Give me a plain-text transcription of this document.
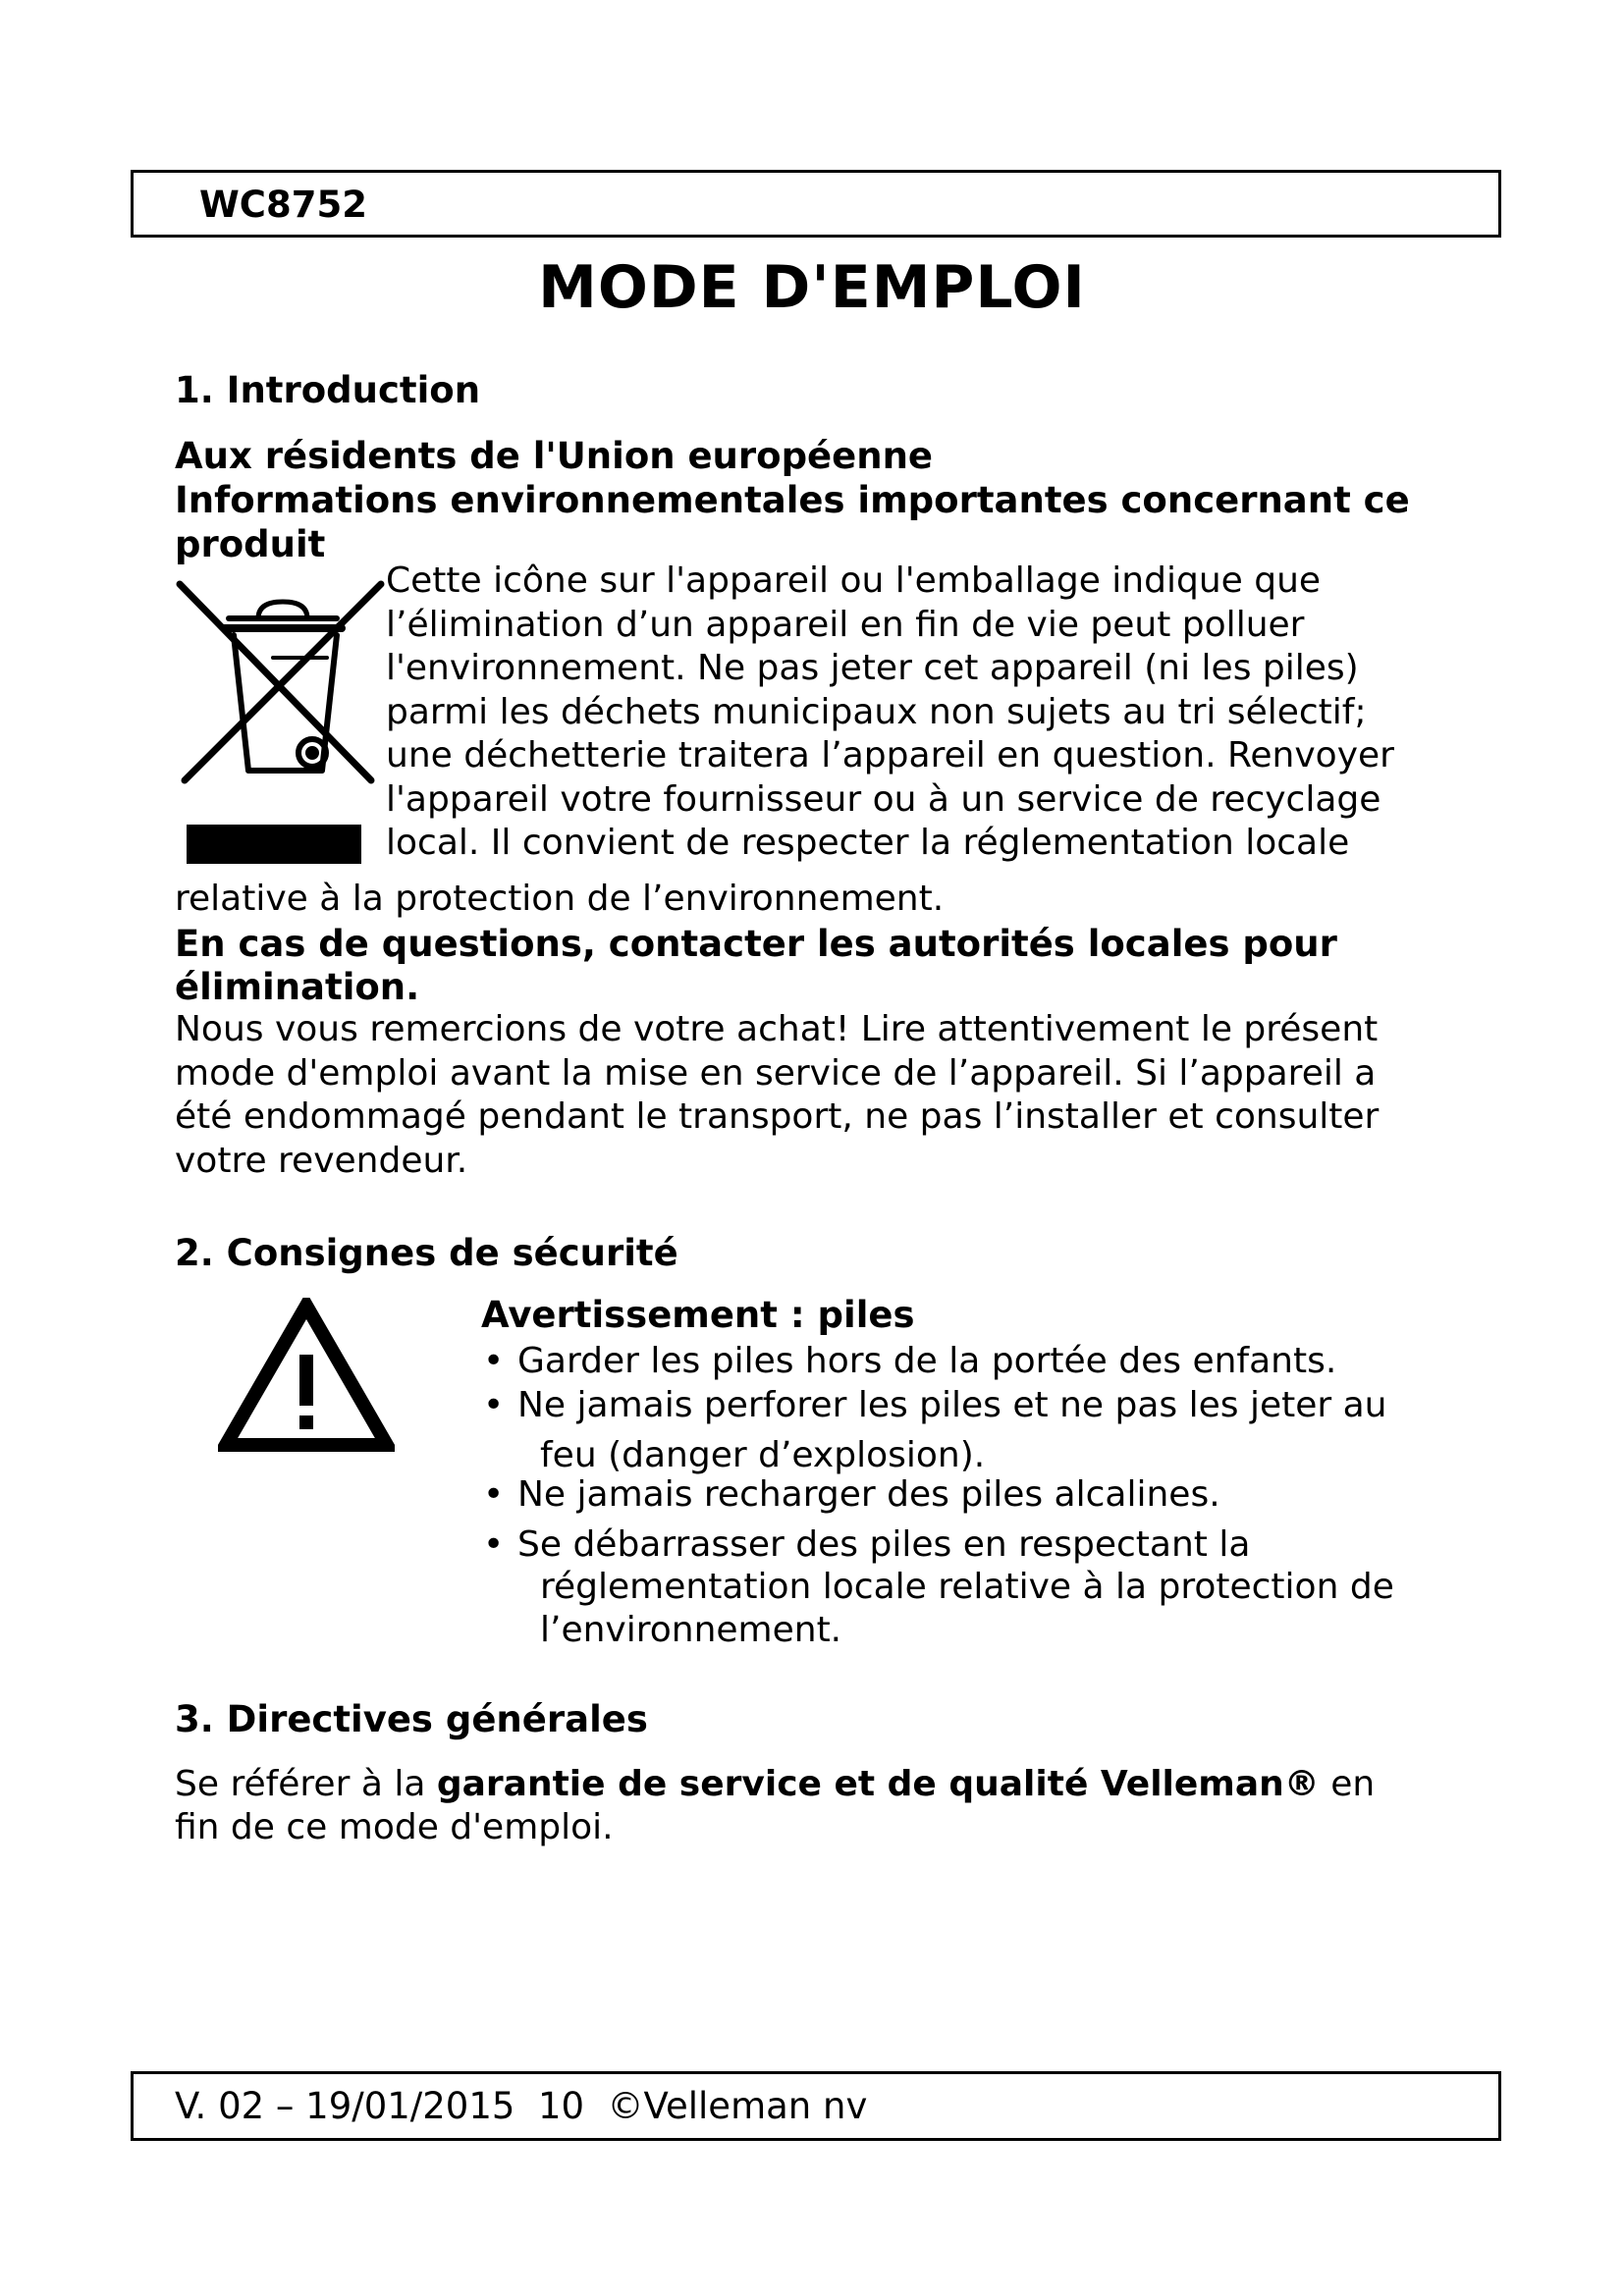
WC8752
MODE D'EMPLOI
1. Introduction
Aux résidents de l'Union européenne
Informations environnementales importantes concernant ce
produit
Cette icône sur l'appareil ou l'emballage indique que
l’élimination d’un appareil en fin de vie peut polluer
l'environnement. Ne pas jeter cet appareil (ni les piles)
parmi les déchets municipaux non sujets au tri sélectif;
une déchetterie traitera l’appareil en question. Renvoyer
l'appareil votre fournisseur ou à un service de recyclage
local. Il convient de respecter la réglementation locale
relative à la protection de l’environnement.
En cas de questions, contacter les autorités locales pour
élimination.
Nous vous remercions de votre achat! Lire attentivement le présent
mode d'emploi avant la mise en service de l’appareil. Si l’appareil a
été endommagé pendant le transport, ne pas l’installer et consulter
votre revendeur.
2. Consignes de sécurité
Avertissement : piles
• Garder les piles hors de la portée des enfants.
• Ne jamais perforer les piles et ne pas les jeter au
feu (danger d’explosion).
• Ne jamais recharger des piles alcalines.
• Se débarrasser des piles en respectant la
réglementation locale relative à la protection de
l’environnement.
3. Directives générales
Se référer à la garantie de service et de qualité Velleman® en
fin de ce mode d'emploi.
V. 02 – 19/01/2015  10  ©Velleman nv
